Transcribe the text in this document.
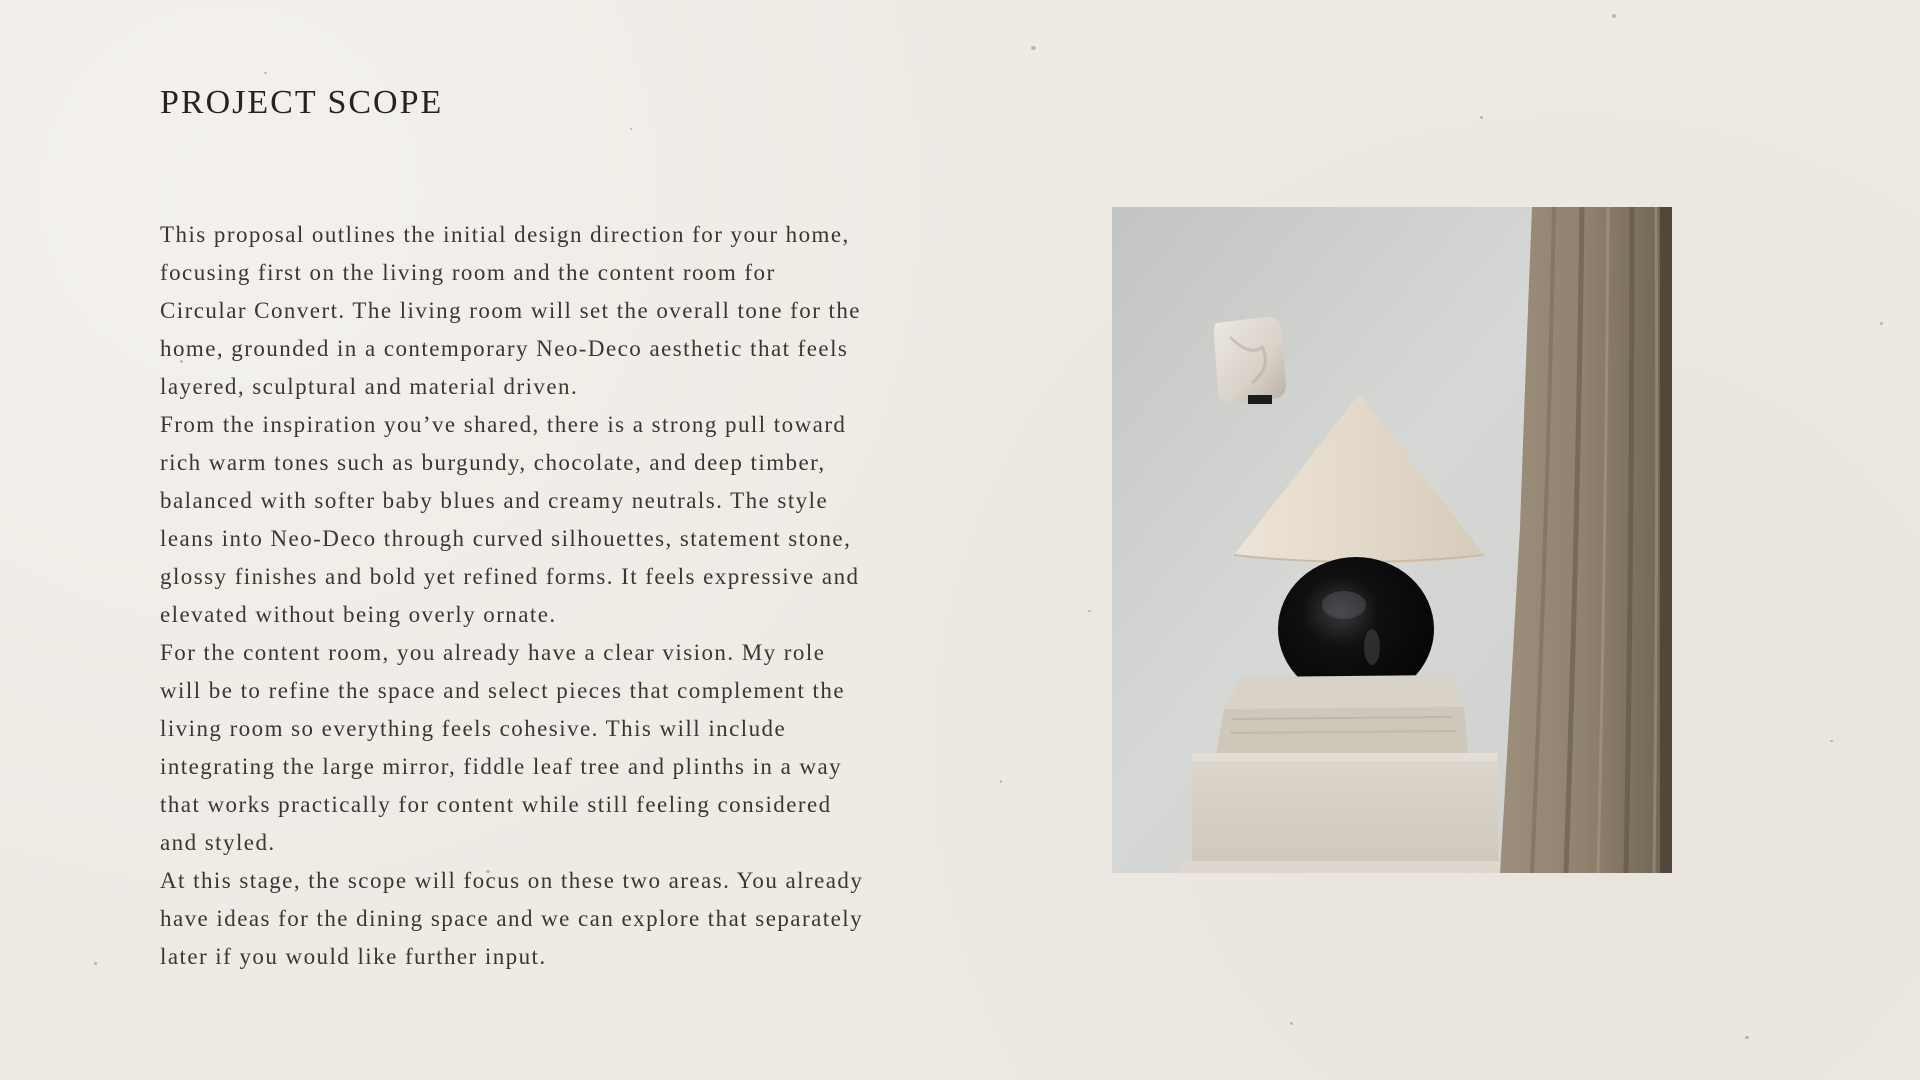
PROJECT SCOPE

This proposal outlines the initial design direction for your home,
focusing first on the living room and the content room for
Circular Convert. The living room will set the overall tone for the
home, grounded in a contemporary Neo-Deco aesthetic that feels
layered, sculptural and material driven.

From the inspiration you’ve shared, there is a strong pull toward
rich warm tones such as burgundy, chocolate, and deep timber,
balanced with softer baby blues and creamy neutrals. The style
leans into Neo-Deco through curved silhouettes, statement stone,
glossy finishes and bold yet refined forms. It feels expressive and
elevated without being overly ornate.

For the content room, you already have a clear vision. My role
will be to refine the space and select pieces that complement the
living room so everything feels cohesive. This will include
integrating the large mirror, fiddle leaf tree and plinths in a way
that works practically for content while still feeling considered
and styled.

At this stage, the scope will focus on these two areas. You already
have ideas for the dining space and we can explore that separately
later if you would like further input.
